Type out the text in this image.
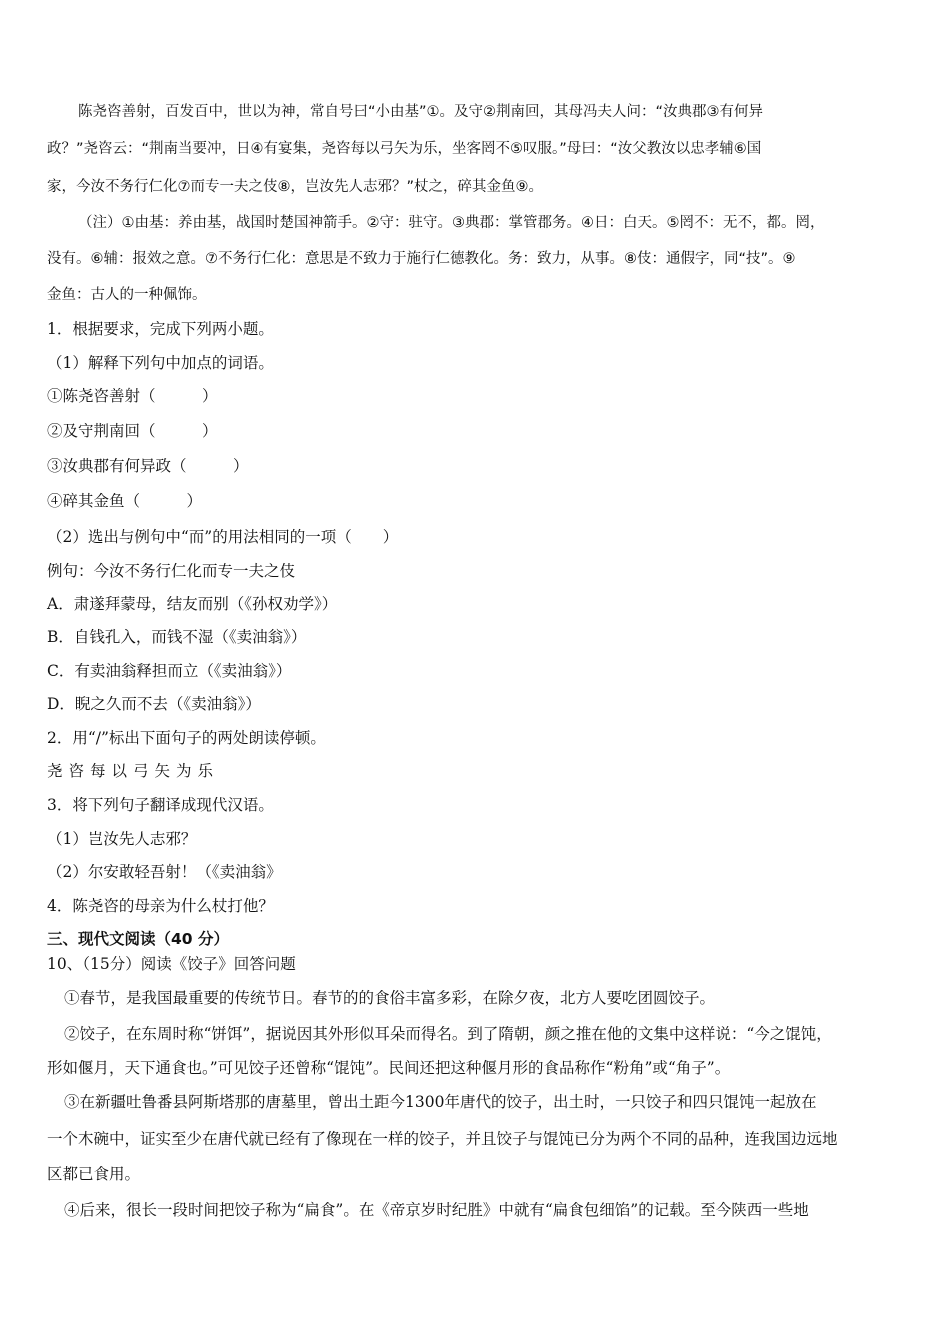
陈尧咨善射，百发百中，世以为神，常自号曰“小由基”①。及守②荆南回，其母冯夫人问：“汝典郡③有何异
政？”尧咨云：“荆南当要冲，日④有宴集，尧咨每以弓矢为乐，坐客罔不⑤叹服。”母曰：“汝父教汝以忠孝辅⑥国
家，今汝不务行仁化⑦而专一夫之伎⑧，岂汝先人志邪？”杖之，碎其金鱼⑨。
（注）①由基：养由基，战国时楚国神箭手。②守：驻守。③典郡：掌管郡务。④日：白天。⑤罔不：无不，都。罔，
没有。⑥辅：报效之意。⑦不务行仁化：意思是不致力于施行仁德教化。务：致力，从事。⑧伎：通假字，同“技”。⑨
金鱼：古人的一种佩饰。
1．根据要求，完成下列两小题。
（1）解释下列句中加点的词语。
①陈尧咨善射（　　　）
②及守荆南回（　　　）
③汝典郡有何异政（　　　）
④碎其金鱼（　　　）
（2）选出与例句中“而”的用法相同的一项（　　）
例句：今汝不务行仁化而专一夫之伎
A．肃遂拜蒙母，结友而别（《孙权劝学》）
B．自钱孔入，而钱不湿（《卖油翁》）
C．有卖油翁释担而立（《卖油翁》）
D．睨之久而不去（《卖油翁》）
2．用“/”标出下面句子的两处朗读停顿。
尧咨每以弓矢为乐
3．将下列句子翻译成现代汉语。
（1）岂汝先人志邪？
（2）尔安敢轻吾射！（《卖油翁》
4．陈尧咨的母亲为什么杖打他？
三、现代文阅读（40 分）
10、（15分）阅读《饺子》回答问题
①春节，是我国最重要的传统节日。春节的的食俗丰富多彩，在除夕夜，北方人要吃团圆饺子。
②饺子，在东周时称“饼饵”，据说因其外形似耳朵而得名。到了隋朝，颜之推在他的文集中这样说：“今之馄饨，
形如偃月，天下通食也。”可见饺子还曾称“馄饨”。民间还把这种偃月形的食品称作“粉角”或“角子”。
③在新疆吐鲁番县阿斯塔那的唐墓里，曾出土距今1300年唐代的饺子，出土时，一只饺子和四只馄饨一起放在
一个木碗中，证实至少在唐代就已经有了像现在一样的饺子，并且饺子与馄饨已分为两个不同的品种，连我国边远地
区都已食用。
④后来，很长一段时间把饺子称为“扁食”。在《帝京岁时纪胜》中就有“扁食包细馅”的记载。至今陕西一些地
